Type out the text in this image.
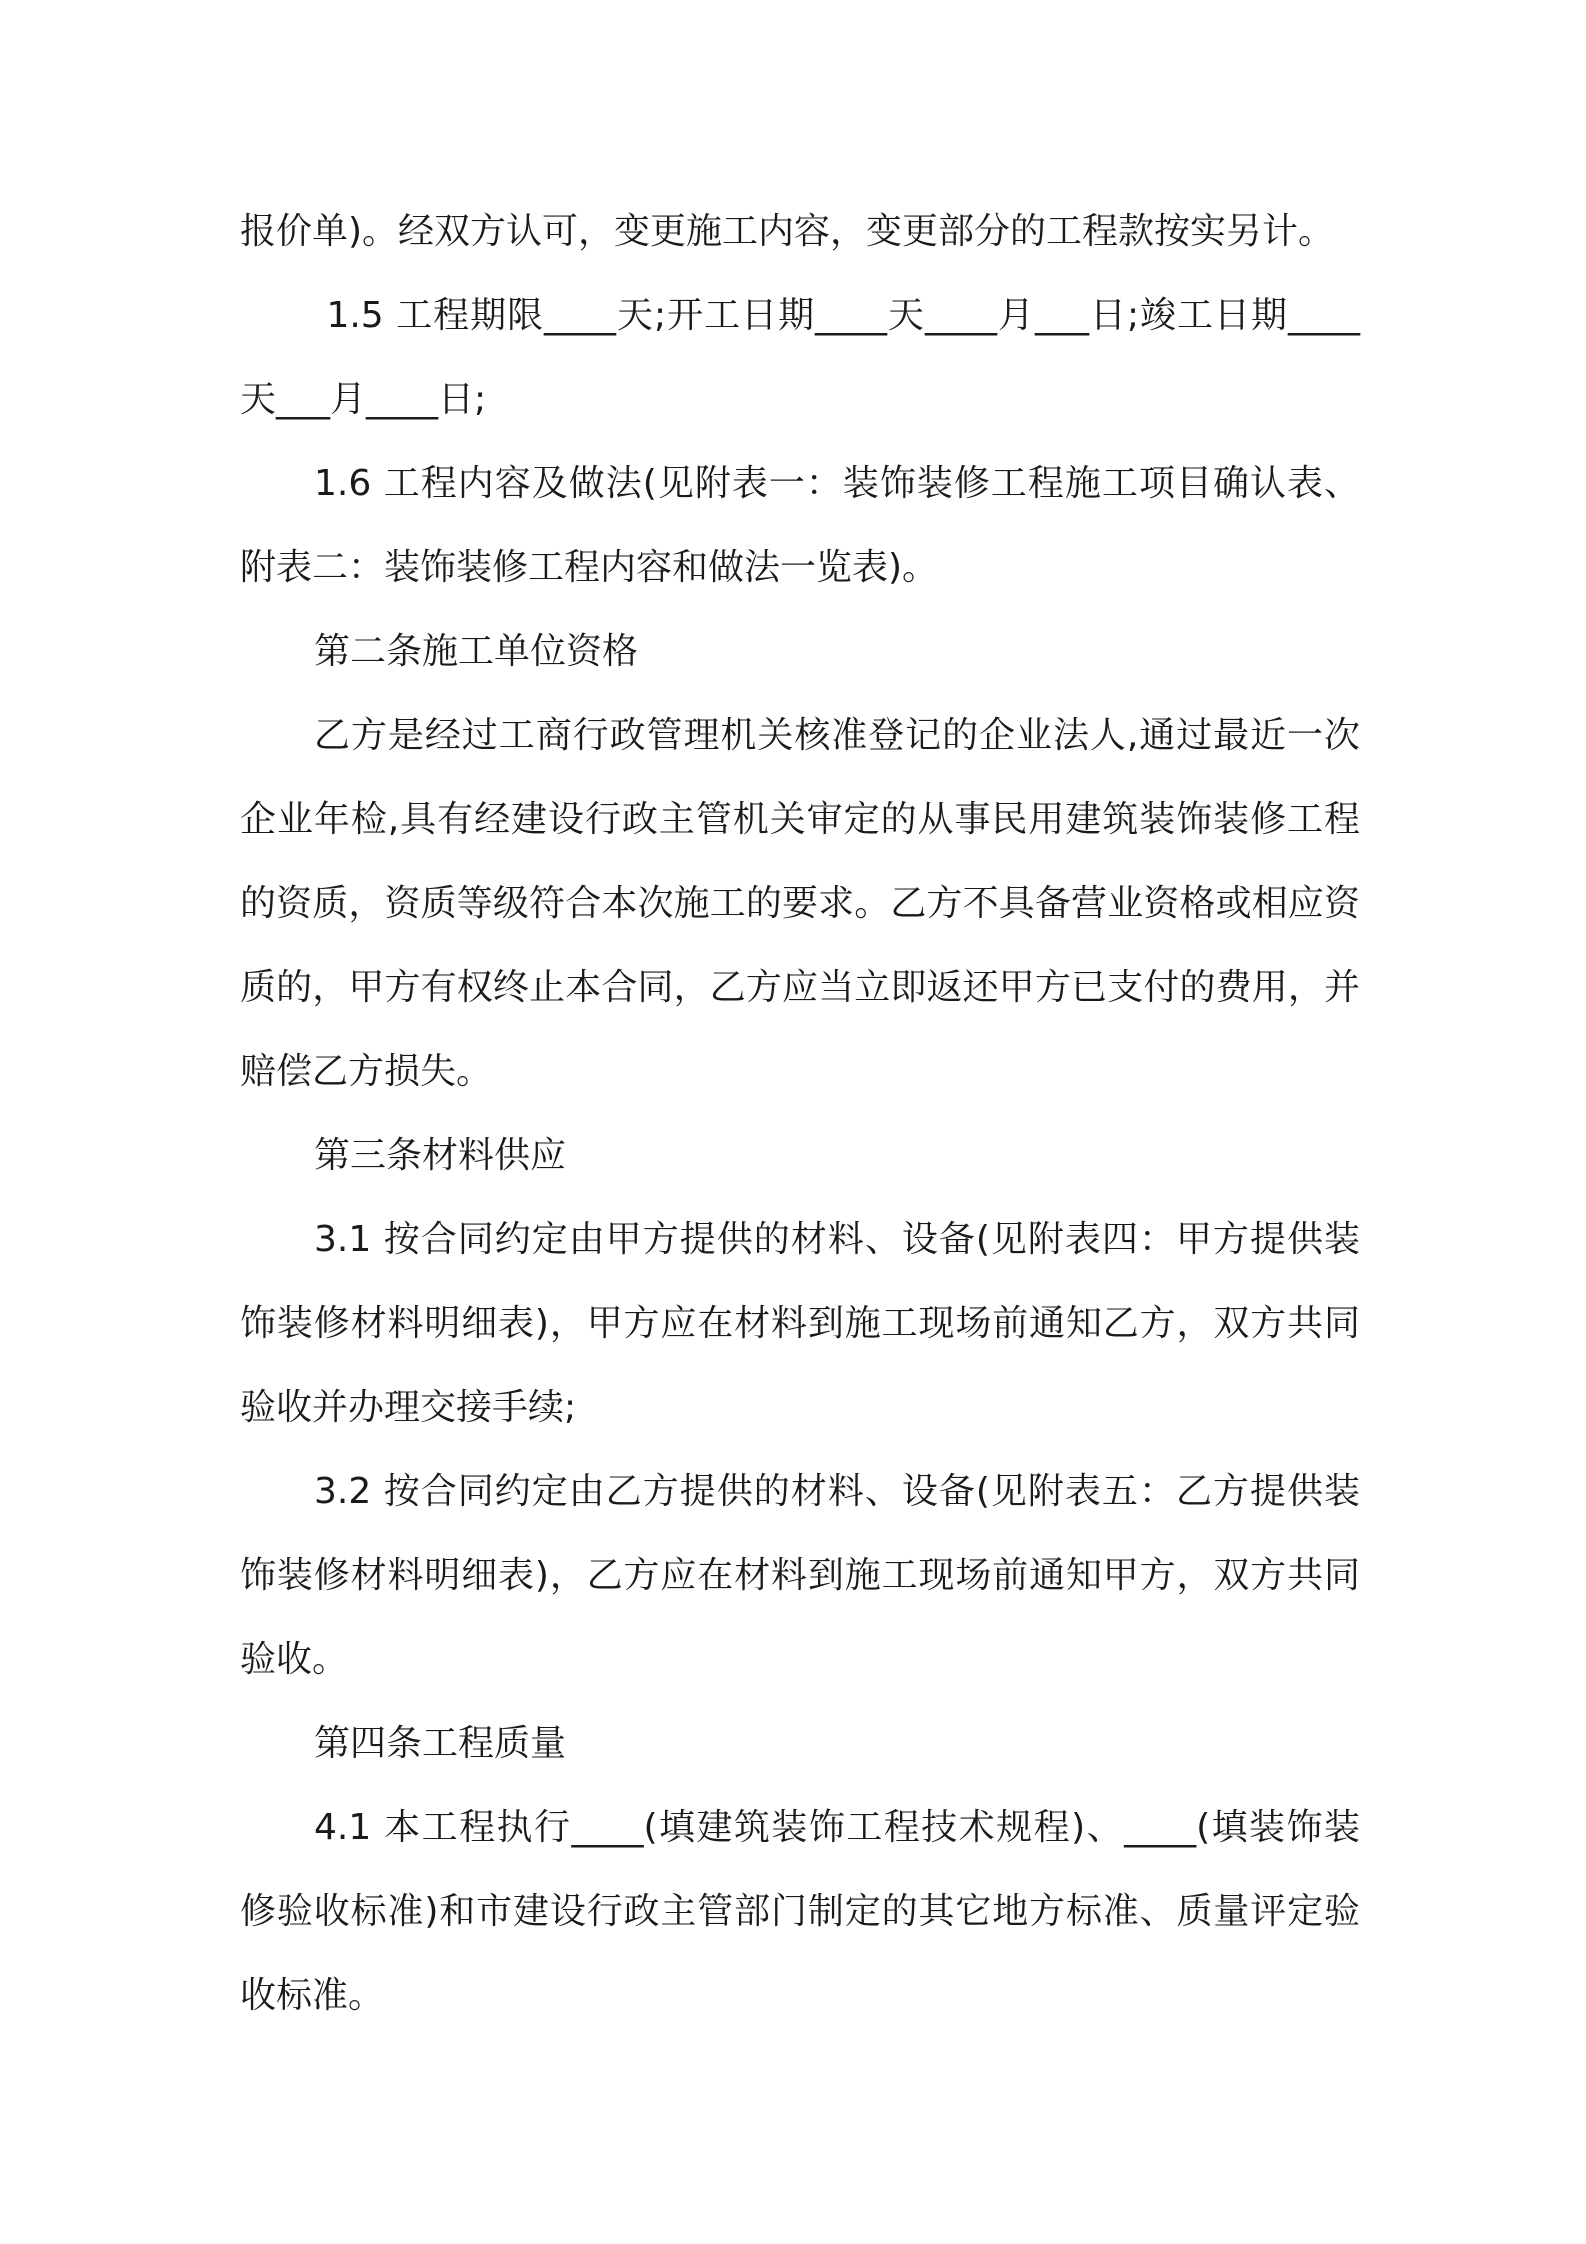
报价单)。经双方认可，变更施工内容，变更部分的工程款按实另计。

1.5 工程期限____天;开工日期____天____月___日;竣工日期____天___月____日;

1.6 工程内容及做法(见附表一：装饰装修工程施工项目确认表、附表二：装饰装修工程内容和做法一览表)。

第二条施工单位资格

乙方是经过工商行政管理机关核准登记的企业法人,通过最近一次企业年检,具有经建设行政主管机关审定的从事民用建筑装饰装修工程的资质，资质等级符合本次施工的要求。乙方不具备营业资格或相应资质的，甲方有权终止本合同，乙方应当立即返还甲方已支付的费用，并赔偿乙方损失。

第三条材料供应

3.1 按合同约定由甲方提供的材料、设备(见附表四：甲方提供装饰装修材料明细表)，甲方应在材料到施工现场前通知乙方，双方共同验收并办理交接手续;

3.2 按合同约定由乙方提供的材料、设备(见附表五：乙方提供装饰装修材料明细表)，乙方应在材料到施工现场前通知甲方，双方共同验收。

第四条工程质量

4.1 本工程执行____(填建筑装饰工程技术规程)、____(填装饰装修验收标准)和市建设行政主管部门制定的其它地方标准、质量评定验收标准。
